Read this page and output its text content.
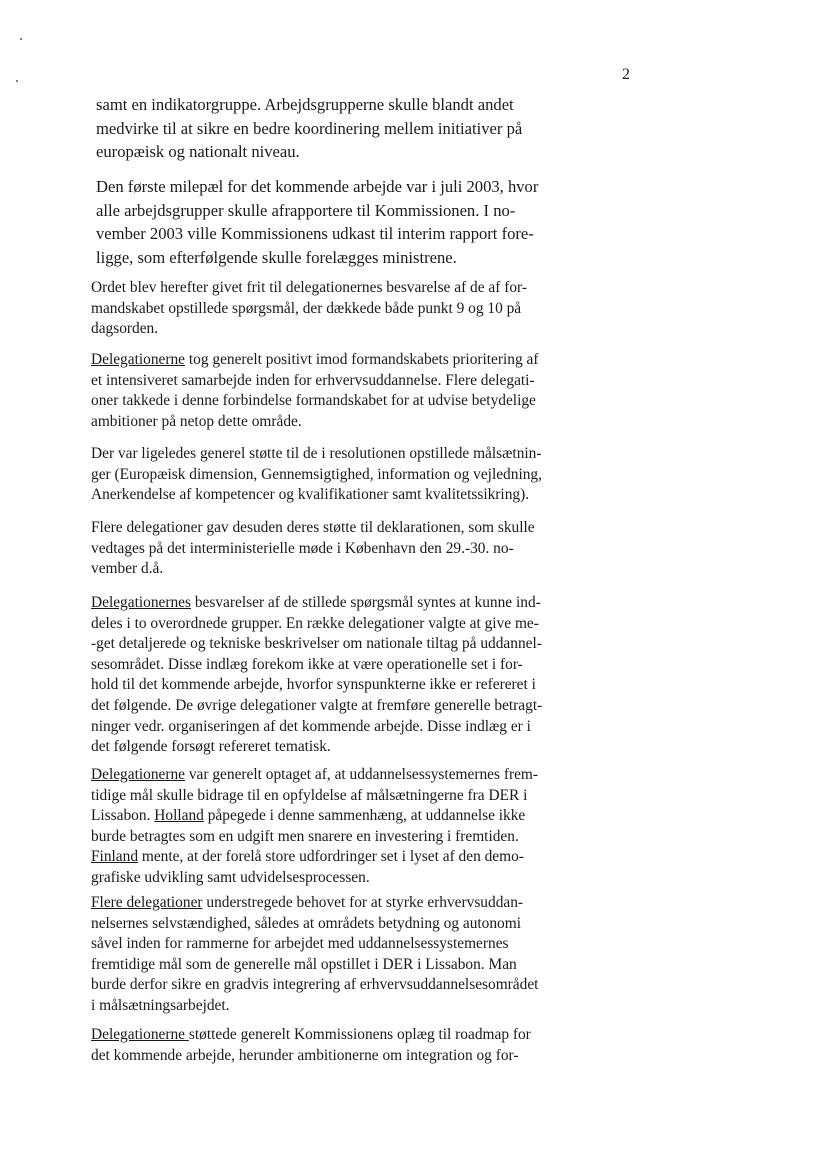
2

samt en indikatorgruppe. Arbejdsgrupperne skulle blandt andet
medvirke til at sikre en bedre koordinering mellem initiativer på
europæisk og nationalt niveau.

Den første milepæl for det kommende arbejde var i juli 2003, hvor
alle arbejdsgrupper skulle afrapportere til Kommissionen. I no-
vember 2003 ville Kommissionens udkast til interim rapport fore-
ligge, som efterfølgende skulle forelægges ministrene.

Ordet blev herefter givet frit til delegationernes besvarelse af de af for-
mandskabet opstillede spørgsmål, der dækkede både punkt 9 og 10 på
dagsorden.

Delegationerne tog generelt positivt imod formandskabets prioritering af
et intensiveret samarbejde inden for erhvervsuddannelse. Flere delegati-
oner takkede i denne forbindelse formandskabet for at udvise betydelige
ambitioner på netop dette område.

Der var ligeledes generel støtte til de i resolutionen opstillede målsætnin-
ger (Europæisk dimension, Gennemsigtighed, information og vejledning,
Anerkendelse af kompetencer og kvalifikationer samt kvalitetssikring).

Flere delegationer gav desuden deres støtte til deklarationen, som skulle
vedtages på det interministerielle møde i København den 29.-30. no-
vember d.å.

Delegationernes besvarelser af de stillede spørgsmål syntes at kunne ind-
deles i to overordnede grupper. En række delegationer valgte at give me-
-get detaljerede og tekniske beskrivelser om nationale tiltag på uddannel-
sesområdet. Disse indlæg forekom ikke at være operationelle set i for-
hold til det kommende arbejde, hvorfor synspunkterne ikke er refereret i
det følgende. De øvrige delegationer valgte at fremføre generelle betragt-
ninger vedr. organiseringen af det kommende arbejde. Disse indlæg er i
det følgende forsøgt refereret tematisk.

Delegationerne var generelt optaget af, at uddannelsessystemernes frem-
tidige mål skulle bidrage til en opfyldelse af målsætningerne fra DER i
Lissabon. Holland påpegede i denne sammenhæng, at uddannelse ikke
burde betragtes som en udgift men snarere en investering i fremtiden.
Finland mente, at der forelå store udfordringer set i lyset af den demo-
grafiske udvikling samt udvidelsesprocessen.

Flere delegationer understregede behovet for at styrke erhvervsuddan-
nelsernes selvstændighed, således at områdets betydning og autonomi
såvel inden for rammerne for arbejdet med uddannelsessystemernes
fremtidige mål som de generelle mål opstillet i DER i Lissabon. Man
burde derfor sikre en gradvis integrering af erhvervsuddannelsesområdet
i målsætningsarbejdet.

Delegationerne støttede generelt Kommissionens oplæg til roadmap for
det kommende arbejde, herunder ambitionerne om integration og for-
